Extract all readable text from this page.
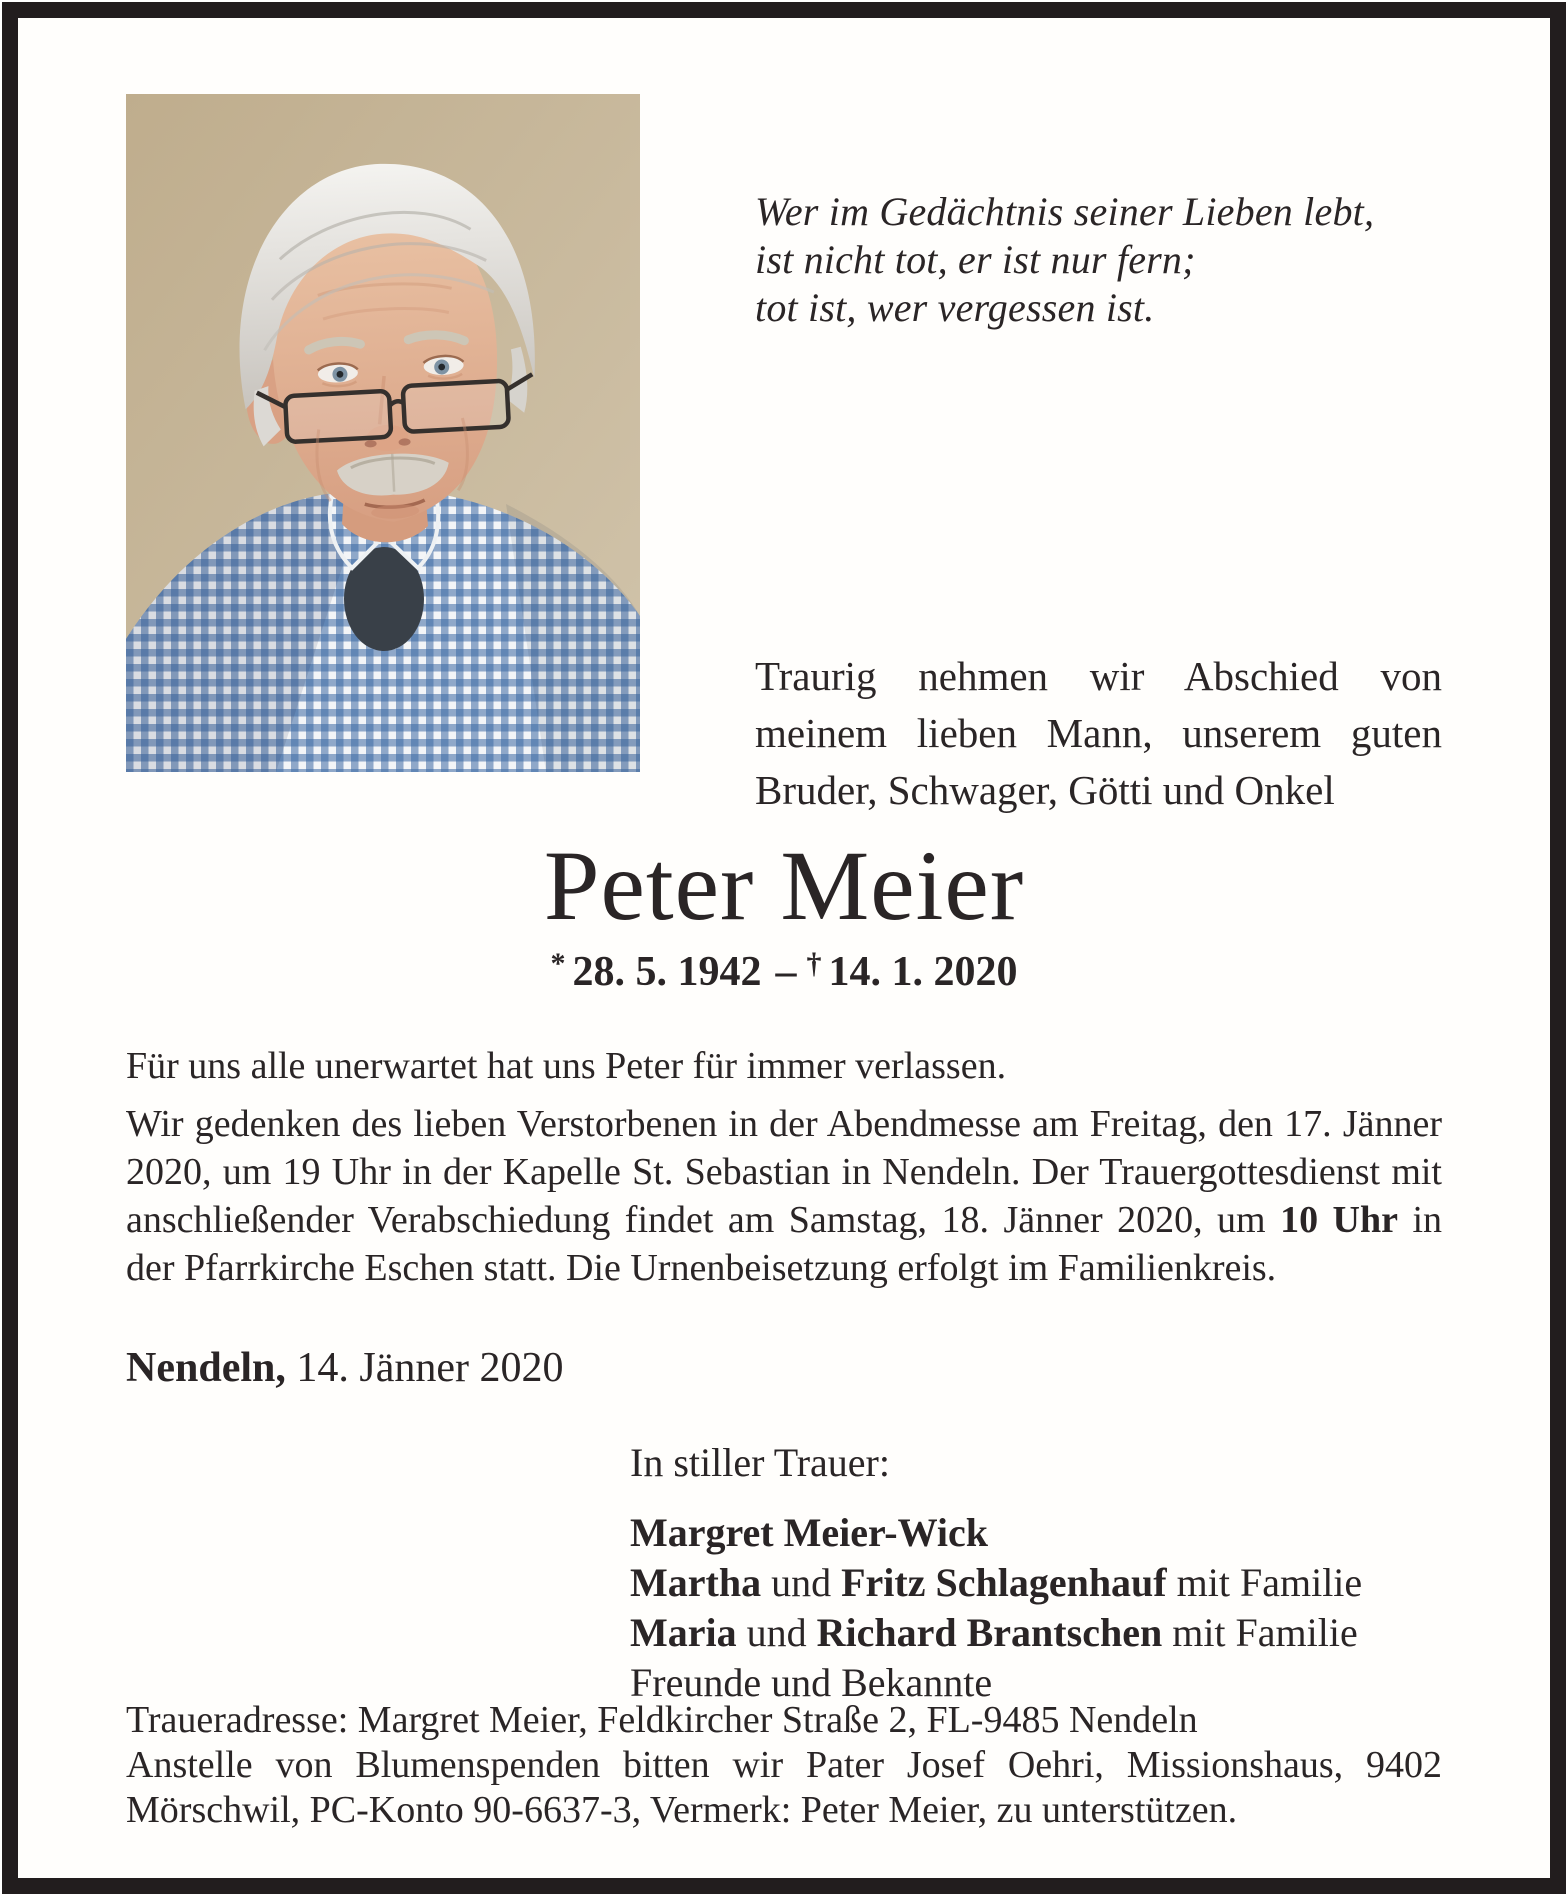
Wer im Gedächtnis seiner Lieben lebt,
ist nicht tot, er ist nur fern;
tot ist, wer vergessen ist.

Traurig nehmen wir Abschied von meinem lieben Mann, unserem guten Bruder, Schwager, Götti und Onkel

Peter Meier
* 28. 5. 1942 – † 14. 1. 2020

Für uns alle unerwartet hat uns Peter für immer verlassen.

Wir gedenken des lieben Verstorbenen in der Abendmesse am Freitag, den 17. Jänner 2020, um 19 Uhr in der Kapelle St. Sebastian in Nendeln. Der Trauergottesdienst mit anschließender Verabschiedung findet am Samstag, 18. Jänner 2020, um 10 Uhr in der Pfarrkirche Eschen statt. Die Urnenbeisetzung erfolgt im Familienkreis.

Nendeln, 14. Jänner 2020

In stiller Trauer:

Margret Meier-Wick

Martha und Fritz Schlagenhauf mit Familie

Maria und Richard Brantschen mit Familie

Freunde und Bekannte

Traueradresse: Margret Meier, Feldkircher Straße 2, FL-9485 Nendeln

Anstelle von Blumenspenden bitten wir Pater Josef Oehri, Missionshaus, 9402 Mörschwil, PC-Konto 90-6637-3, Vermerk: Peter Meier, zu unterstützen.
